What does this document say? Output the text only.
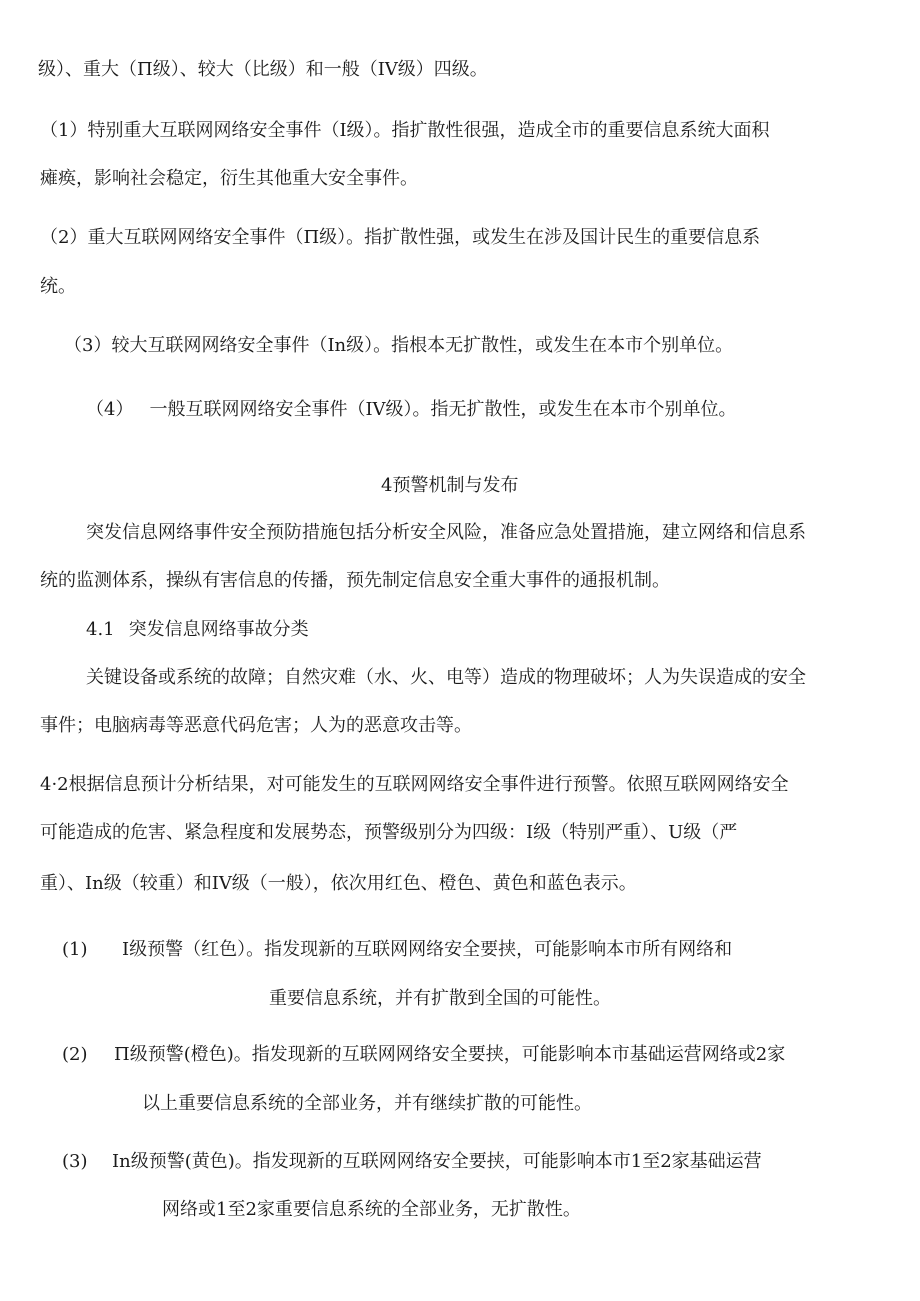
级）、重大（Π级）、较大（比级）和一般（IV级）四级。
（1）特别重大互联网网络安全事件（I级）。指扩散性很强，造成全市的重要信息系统大面积
瘫痪，影响社会稳定，衍生其他重大安全事件。
（2）重大互联网网络安全事件（Π级）。指扩散性强，或发生在涉及国计民生的重要信息系
统。
（3）较大互联网网络安全事件（In级）。指根本无扩散性，或发生在本市个别单位。
（4） 一般互联网网络安全事件（IV级）。指无扩散性，或发生在本市个别单位。
4预警机制与发布
突发信息网络事件安全预防措施包括分析安全风险，准备应急处置措施，建立网络和信息系
统的监测体系，操纵有害信息的传播，预先制定信息安全重大事件的通报机制。
4.1 突发信息网络事故分类
关键设备或系统的故障；自然灾难（水、火、电等）造成的物理破坏；人为失误造成的安全
事件；电脑病毒等恶意代码危害；人为的恶意攻击等。
4·2根据信息预计分析结果，对可能发生的互联网网络安全事件进行预警。依照互联网网络安全
可能造成的危害、紧急程度和发展势态，预警级别分为四级：I级（特别严重）、U级（严
重）、In级（较重）和IV级（一般），依次用红色、橙色、黄色和蓝色表示。
(1) I级预警（红色）。指发现新的互联网网络安全要挟，可能影响本市所有网络和
重要信息系统，并有扩散到全国的可能性。
(2) Π级预警(橙色)。指发现新的互联网网络安全要挟，可能影响本市基础运营网络或2家
以上重要信息系统的全部业务，并有继续扩散的可能性。
(3) In级预警(黄色)。指发现新的互联网网络安全要挟，可能影响本市1至2家基础运营
网络或1至2家重要信息系统的全部业务，无扩散性。
